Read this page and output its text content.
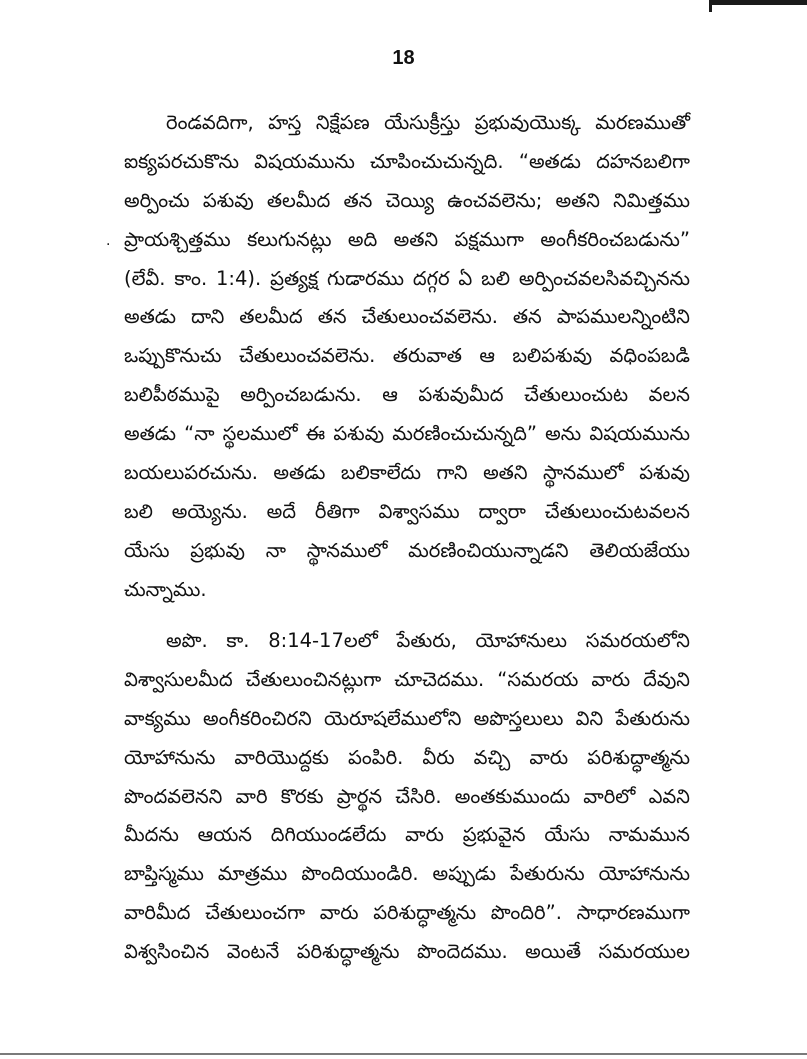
·
18
రెండవదిగా, హస్త నిక్షేపణ యేసుక్రీస్తు ప్రభువుయొక్క మరణముతో
ఐక్యపరచుకొను విషయమును చూపించుచున్నది. “అతడు దహనబలిగా
అర్పించు పశువు తలమీద తన చెయ్యి ఉంచవలెను; అతని నిమిత్తము
ప్రాయశ్చిత్తము కలుగునట్లు అది అతని పక్షముగా అంగీకరించబడును”
(లేవీ. కాం. 1:4). ప్రత్యక్ష గుడారము దగ్గర ఏ బలి అర్పించవలసివచ్చినను
అతడు దాని తలమీద తన చేతులుంచవలెను. తన పాపములన్నింటిని
ఒప్పుకొనుచు చేతులుంచవలెను. తరువాత ఆ బలిపశువు వధింపబడి
బలిపీఠముపై అర్పించబడును. ఆ పశువుమీద చేతులుంచుట వలన
అతడు “నా స్థలములో ఈ పశువు మరణించుచున్నది” అను విషయమును
బయలుపరచును. అతడు బలికాలేదు గాని అతని స్థానములో పశువు
బలి అయ్యెను. అదే రీతిగా విశ్వాసము ద్వారా చేతులుంచుటవలన
యేసు ప్రభువు నా స్థానములో మరణించియున్నాడని తెలియజేయు
చున్నాము.
అపొ. కా. 8:14-17లలో పేతురు, యోహానులు సమరయలోని
విశ్వాసులమీద చేతులుంచినట్లుగా చూచెదము. “సమరయ వారు దేవుని
వాక్యము అంగీకరించిరని యెరూషలేములోని అపొస్తలులు విని పేతురును
యోహానును వారియొద్దకు పంపిరి. వీరు వచ్చి వారు పరిశుద్ధాత్మను
పొందవలెనని వారి కొరకు ప్రార్థన చేసిరి. అంతకుముందు వారిలో ఎవని
మీదను ఆయన దిగియుండలేదు వారు ప్రభువైన యేసు నామమున
బాప్తిస్మము మాత్రము పొందియుండిరి. అప్పుడు పేతురును యోహానును
వారిమీద చేతులుంచగా వారు పరిశుద్ధాత్మను పొందిరి”. సాధారణముగా
విశ్వసించిన వెంటనే పరిశుద్ధాత్మను పొందెదము. అయితే సమరయుల
